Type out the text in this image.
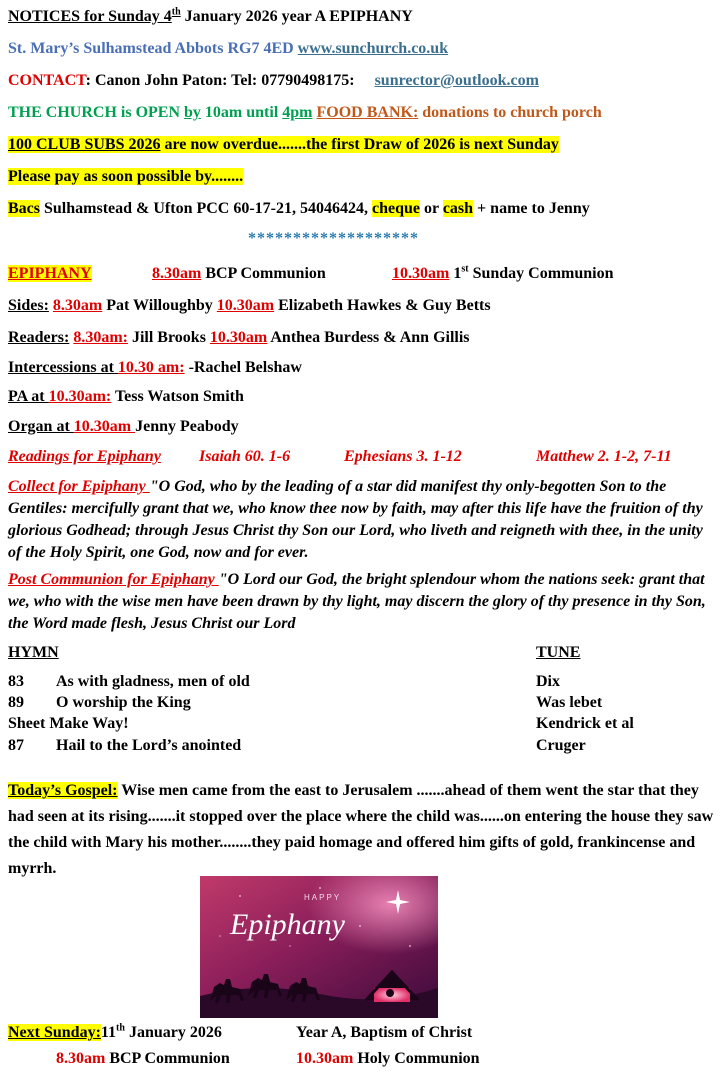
NOTICES for Sunday 4th January 2026 year A EPIPHANY
St. Mary’s Sulhamstead Abbots RG7 4ED www.sunchurch.co.uk
CONTACT: Canon John Paton: Tel: 07790498175:     sunrector@outlook.com
THE CHURCH is OPEN by 10am until 4pm FOOD BANK: donations to church porch
100 CLUB SUBS 2026 are now overdue.......the first Draw of 2026 is next Sunday
Please pay as soon possible by........
Bacs Sulhamstead & Ufton PCC 60-17-21, 54046424, cheque or cash + name to Jenny
*******************
EPIPHANY	8.30am BCP Communion	10.30am 1st Sunday Communion
Sides: 8.30am Pat Willoughby 10.30am Elizabeth Hawkes & Guy Betts
Readers: 8.30am: Jill Brooks 10.30am Anthea Burdess & Ann Gillis
Intercessions at 10.30 am: -Rachel Belshaw
PA at 10.30am: Tess Watson Smith
Organ at 10.30am Jenny Peabody
Readings for Epiphany Isaiah 60. 1-6	Ephesians 3. 1-12	Matthew 2. 1-2, 7-11
Collect for Epiphany "O God, who by the leading of a star did manifest thy only-begotten Son to the Gentiles: mercifully grant that we, who know thee now by faith, may after this life have the fruition of thy glorious Godhead; through Jesus Christ thy Son our Lord, who liveth and reigneth with thee, in the unity of the Holy Spirit, one God, now and for ever.
Post Communion for Epiphany "O Lord our God, the bright splendour whom the nations seek: grant that we, who with the wise men have been drawn by thy light, may discern the glory of thy presence in thy Son, the Word made flesh, Jesus Christ our Lord
HYMN	TUNE
83 As with gladness, men of old	Dix
89 O worship the King	Was lebet
Sheet Make Way!	Kendrick et al
87 Hail to the Lord’s anointed	Cruger
Today’s Gospel: Wise men came from the east to Jerusalem .......ahead of them went the star that they had seen at its rising.......it stopped over the place where the child was......on entering the house they saw the child with Mary his mother........they paid homage and offered him gifts of gold, frankincense and myrrh.
HAPPY
Epiphany
Next Sunday:11th January 2026	Year A, Baptism of Christ
8.30am BCP Communion	10.30am Holy Communion
